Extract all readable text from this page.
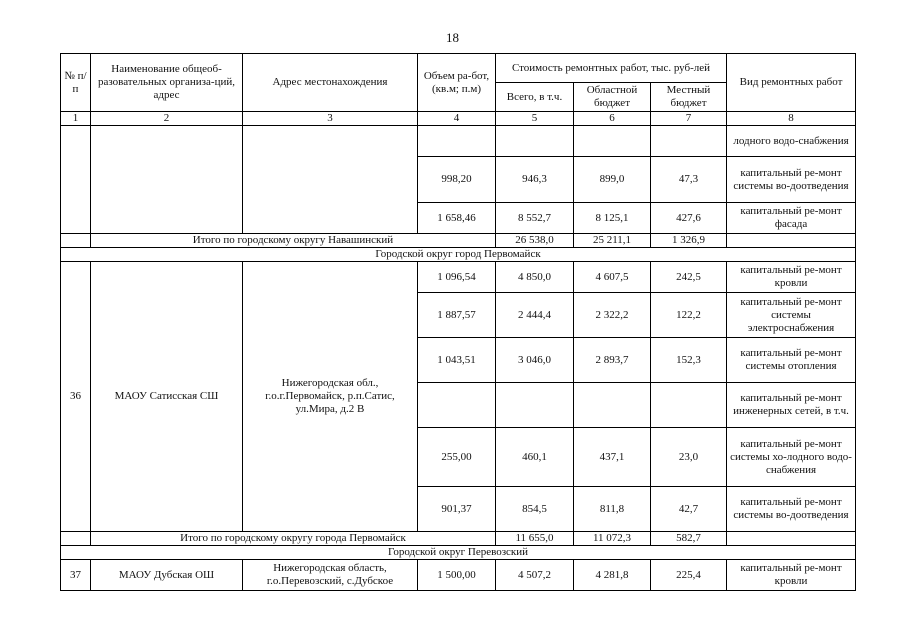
18
№ п/п	Наименование общеоб-разовательных организа-ций, адрес	Адрес местонахождения	Объем ра-бот, (кв.м; п.м)	Стоимость ремонтных работ, тыс. руб-лей			Вид ремонтных работ
				Всего, в т.ч.	Областной бюджет	Местный бюджет	
1	2	3	4	5	6	7	8
							лодного водо-снабжения
			998,20	946,3	899,0	47,3	капитальный ре-монт системы во-доотведения
			1 658,46	8 552,7	8 125,1	427,6	капитальный ре-монт фасада
	Итого по городскому округу Навашинский			26 538,0	25 211,1	1 326,9	
Городской округ город Первомайск							
36	МАОУ Сатисская СШ	Нижегородская обл., г.о.г.Первомайск, р.п.Сатис, ул.Мира, д.2 В	1 096,54	4 850,0	4 607,5	242,5	капитальный ре-монт кровли
			1 887,57	2 444,4	2 322,2	122,2	капитальный ре-монт системы электроснабжения
			1 043,51	3 046,0	2 893,7	152,3	капитальный ре-монт системы отопления
							капитальный ре-монт инженерных сетей, в т.ч.
			255,00	460,1	437,1	23,0	капитальный ре-монт системы хо-лодного водо-снабжения
			901,37	854,5	811,8	42,7	капитальный ре-монт системы во-доотведения
	Итого по городскому округу города Первомайск			11 655,0	11 072,3	582,7	
Городской округ Перевозский							
37	МАОУ Дубская ОШ	Нижегородская область, г.о.Перевозский, с.Дубское	1 500,00	4 507,2	4 281,8	225,4	капитальный ре-монт кровли
